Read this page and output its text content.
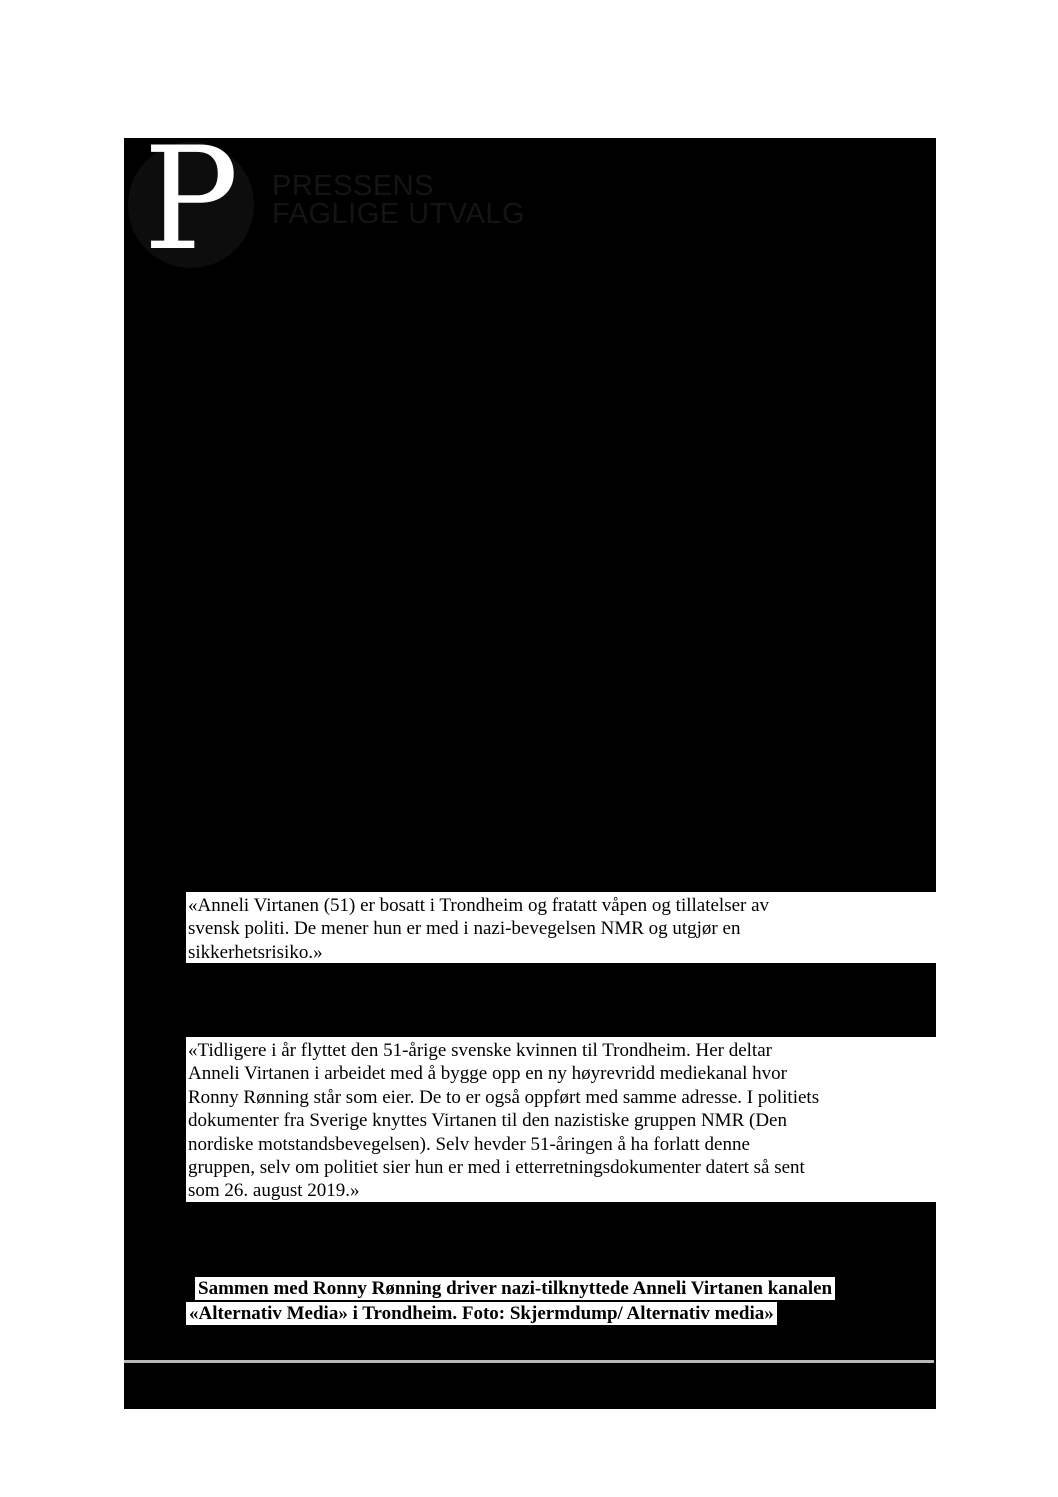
P	PRESSENS
FAGLIGE UTVALG
«Anneli Virtanen (51) er bosatt i Trondheim og fratatt våpen og tillatelser av
svensk politi. De mener hun er med i nazi-bevegelsen NMR og utgjør en
sikkerhetsrisiko.»
«Tidligere i år flyttet den 51-årige svenske kvinnen til Trondheim. Her deltar
Anneli Virtanen i arbeidet med å bygge opp en ny høyrevridd mediekanal hvor
Ronny Rønning står som eier. De to er også oppført med samme adresse. I politiets
dokumenter fra Sverige knyttes Virtanen til den nazistiske gruppen NMR (Den
nordiske motstandsbevegelsen). Selv hevder 51-åringen å ha forlatt denne
gruppen, selv om politiet sier hun er med i etterretningsdokumenter datert så sent
som 26. august 2019.»
Sammen med Ronny Rønning driver nazi-tilknyttede Anneli Virtanen kanalen
«Alternativ Media» i Trondheim. Foto: Skjermdump/ Alternativ media»
